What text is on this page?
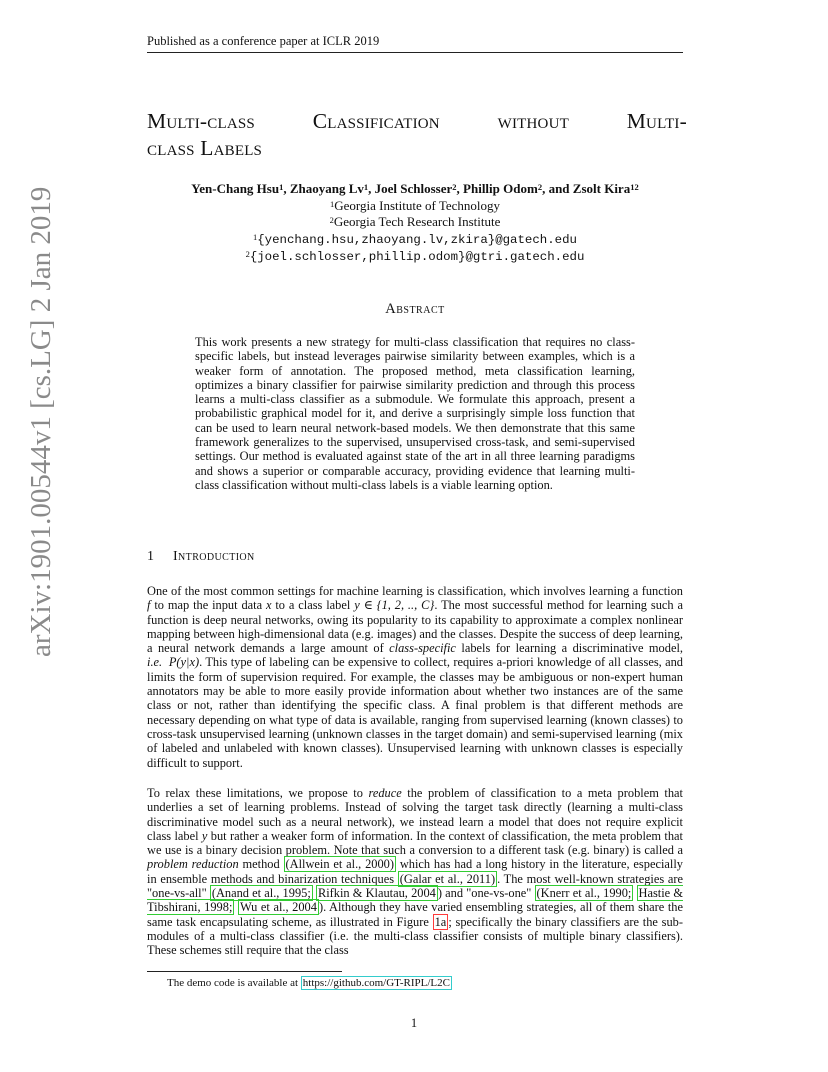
Published as a conference paper at ICLR 2019
Multi-class	Classification	without	Multi-
class Labels
Yen-Chang Hsu$^1$, Zhaoyang Lv$^1$, Joel Schlosser$^2$, Phillip Odom$^2$, and Zsolt Kira$^{12}$
$^1$Georgia Institute of Technology
$^2$Georgia Tech Research Institute
$^1${yenchang.hsu,zhaoyang.lv,zkira}@gatech.edu
$^2${joel.schlosser,phillip.odom}@gtri.gatech.edu
arXiv:1901.00544v1 [cs.LG] 2 Jan 2019	Abstract
This work presents a new strategy for multi-class classification that requires no class-specific labels, but instead leverages pairwise similarity between examples, which is a weaker form of annotation. The proposed method, meta classification learning, optimizes a binary classifier for pairwise similarity prediction and through this process learns a multi-class classifier as a submodule. We formulate this approach, present a probabilistic graphical model for it, and derive a surprisingly simple loss function that can be used to learn neural network-based models. We then demonstrate that this same framework generalizes to the supervised, unsupervised cross-task, and semi-supervised settings. Our method is evaluated against state of the art in all three learning paradigms and shows a superior or comparable accuracy, providing evidence that learning multi-class classification without multi-class labels is a viable learning option.
1 Introduction
One of the most common settings for machine learning is classification, which involves learning a function f to map the input data x to a class label y ∈ {1, 2, .., C}. The most successful method for learning such a function is deep neural networks, owing its popularity to its capability to approximate a complex nonlinear mapping between high-dimensional data (e.g. images) and the classes. Despite the success of deep learning, a neural network demands a large amount of class-specific labels for learning a discriminative model, i.e. P(y|x). This type of labeling can be expensive to collect, requires a-priori knowledge of all classes, and limits the form of supervision required. For example, the classes may be ambiguous or non-expert human annotators may be able to more easily provide information about whether two instances are of the same class or not, rather than identifying the specific class. A final problem is that different methods are necessary depending on what type of data is available, ranging from supervised learning (known classes) to cross-task unsupervised learning (unknown classes in the target domain) and semi-supervised learning (mix of labeled and unlabeled with known classes). Unsupervised learning with unknown classes is especially difficult to support.
To relax these limitations, we propose to reduce the problem of classification to a meta problem that underlies a set of learning problems. Instead of solving the target task directly (learning a multi-class discriminative model such as a neural network), we instead learn a model that does not require explicit class label y but rather a weaker form of information. In the context of classification, the meta problem that we use is a binary decision problem. Note that such a conversion to a different task (e.g. binary) is called a problem reduction method (Allwein et al., 2000) which has had a long history in the literature, especially in ensemble methods and binarization techniques (Galar et al., 2011) . The most well-known strategies are "one-vs-all" (Anand et al., 1995; Rifkin & Klautau, 2004 ) and "one-vs-one" (Knerr et al., 1990; Hastie & Tibshirani, 1998; Wu et al., 2004 ). Although they have varied ensembling strategies, all of them share the same task encapsulating scheme, as illustrated in Figure 1a ; specifically the binary classifiers are the sub-modules of a multi-class classifier (i.e. the multi-class classifier consists of multiple binary classifiers). These schemes still require that the class
The demo code is available at https://github.com/GT-RIPL/L2C
1
